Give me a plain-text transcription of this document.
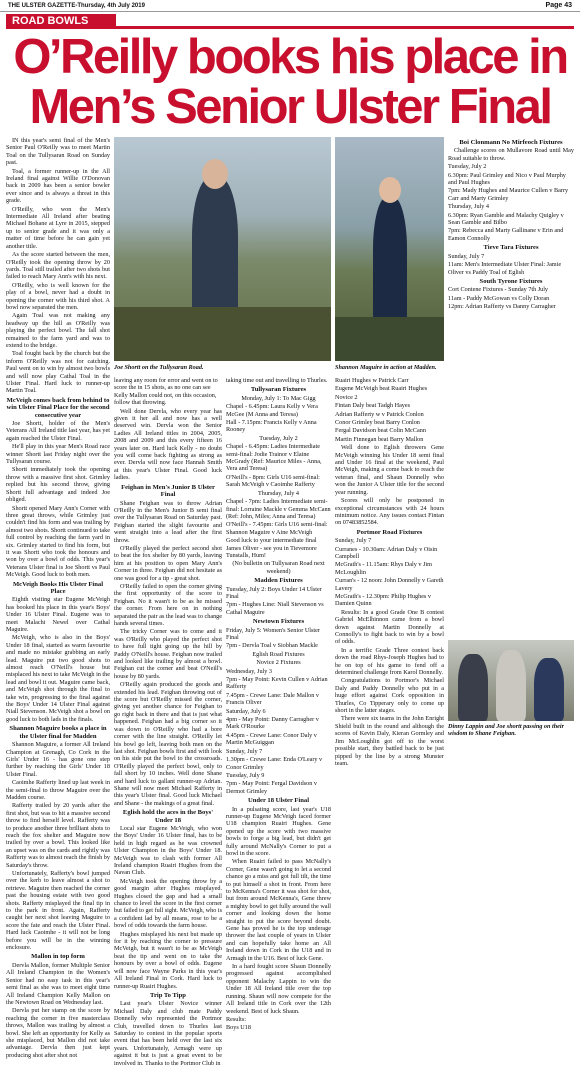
THE ULSTER GAZETTE-Thursday, 4th July 2019	Page 43
ROAD BOWLS
O’Reilly books his place in
Men’s Senior Ulster Final

IN this year's semi final of the Men's Senior Paul O'Reilly was to meet Martin Toal on the Tullysaran Road on Sunday past.

Toal, a former runner-up in the All Ireland final against Willie O'Donovan back in 2009 has been a senior bowler ever since and is always a threat in this grade.

O'Reilly, who won the Men's Intermediate All Ireland after beating Michael Bohane at Lyre in 2015, stepped up to senior grade and it was only a matter of time before he can gain yet another title.

As the score started between the men, O'Reilly took the opening throw by 20 yards. Toal still trailed after two shots but failed to reach Mary Ann's with his next.

O'Reilly, who is well known for the play of a bowl, never had a doubt in opening the corner with his third shot. A bowl now separated the men.

Again Toal was not making any headway up the hill as O'Reilly was playing the perfect bowl. The fall shot remained to the farm yard and was to extend to the bridge.

Toal fought back by the church but the inform O'Reilly was not for catching. Paul went on to win by almost two bowls and will now play Cathal Toal in the Ulster Final. Hard luck to runner-up Martin Toal.

McVeigh comes back from behind to win Ulster Final Place for the second consecutive year

Joe Shortt, holder of the Men's Veterans All Ireland title last year, has yet again reached the Ulster Final.

He'll play in this year Men's Road race winner Shortt last Friday night over the Tullysaran course.

Shortt immediately took the opening throw with a massive first shot. Grimley replied but his second throw, giving Shortt full advantage and indeed Joe obliged.

Shortt opened Mary Ann's Corner with three great throws, while Grimley just couldn't find his form and was trailing by almost two shots. Shortt continued to take full control by reaching the farm yard in six. Grimley started to find his form, but it was Shortt who took the honours and won by over a bowl of odds. This year's Veterans Ulster final is Joe Shortt vs Paul McVeigh. Good luck to both men.

McVeigh Books His Ulster Final Place

Eighth visiting star Eugene McVeigh has booked his place in this year's Boys' Under 16 Ulster Final. Eugene was to meet Malachi Newel over Cathal Maguire.

McVeigh, who is also in the Boys' Under 18 final, started as warm favourite and made no mistake grabbing an early lead. Maguire put two good shots to almost reach O'Neill's house but misplaced his next to take McVeigh in the lead and bowl it out. Maguire came back, and McVeigh shot through the final to take win, progressing to the final against the Boys' Under 14 Ulster Final against Niall Stevenson. McVeigh shot a bowl on good luck to both lads in the finals.

Shannon Maguire books a place in the Ulster final for Madden

Shannon Maguire, a former All Ireland Champion at Grenagh, Co Cork in the Girls' Under 16 - has gone one step further by reaching the Girls' Under 18 Ulster Final.

Caoimhe Rafferty lined up last week in the semi-final to throw Maguire over the Madden course.

Rafferty trailed by 20 yards after the first shot, but was to hit a massive second throw to find herself level. Rafferty was to produce another three brilliant shots to reach the fox shelter and Maguire now trailed by over a bowl. This looked like an upset was on the cards and rightly was Rafferty was to almost reach the finish by Saturday's throw.

Unfortunately, Rafferty's bowl jumped over the kerb to leave almost a shot to retrieve. Maguire then reached the corner past the housing estate with two good shots. Rafferty misplayed the final tip in to the park in front. Again, Rafferty caught her next shot leaving Maguire to score the fate and reach the Ulster Final. Hard luck Caoimhe - it will not be long before you will be in the winning enclosure.

Mallon in top form

Dervla Mallon, former Multiple Senior All Ireland Champion in the Women's Senior had no easy task in this year's semi final as she was to meet eight time All Ireland Champion Kelly Mallon on the Newtown Road on Wednesday last.

Dervla put her stamp on the score by reaching the corner in five masterclass throws, Mallon was trailing by almost a bowl. She left an opportunity for Kelly as she misplaced, but Mallon did not take advantage. Dervla then just kept producing shot after shot not

Joe Shortt on the Tullysaran Road.	Shannon Maguire in action at Madden.

leaving any room for error and went on to score the in 15 shots, as no one can see Kelly Mallon could not, on this occasion, follow that throwing.

Well done Dervla, who every year has given it her all and now has a well deserved win. Dervla won the Senior Ladies All Ireland titles in 2004, 2005, 2008 and 2009 and this every fifteen 16 years later on. Hard luck Kelly - no doubt you will come back fighting as strong as ever. Dervla will now face Hannah Smith at this year's Ulster Final. Good luck ladies.

Feighan in Men's Junior B Ulster Final

Shane Feighan was to throw Adrian O'Reilly in the Men's Junior B semi final over the Tullysaran Road on Saturday past. Feighan started the slight favourite and went straight into a lead after the first throw.

O'Reilly played the perfect second shot to beat the fox shelter by 80 yards, leaving him at his position to open Mary Ann's Corner in three. Feighan did not hesitate as one was good for a tip - great shot.

O'Reilly failed to open the corner giving the first opportunity of the score to Feighan. No it wasn't to be as he missed the corner. From here on in nothing separated the pair as the lead was to change hands several times.

The tricky Corner was to come and it was O'Reilly who played the perfect shot to have full tight going up the hill by Paddy O'Neill's house. Feighan now trailed and looked like trailing by almost a bowl. Feighan cut the corner and beat O'Neill's house by 80 yards.

O'Reilly again produced the goods and extended his lead. Feighan throwing out of the score but O'Reilly missed the corner, giving yet another chance for Feighan to go right back in there and that is just what happened. Feighan had a big corner so it was down to O'Reilly who had a bore corner with the line straight. O'Reilly let his bowl go left, leaving both men on the last shot. Feighan bowls first and with look on his side put the bowl to the crossroads. O'Reilly played the perfect bowl, only to fall short by 10 inches. Well done Shane and hard luck to gallant runner-up Adrian. Shane will now meet Michael Rafferty in this year's Ulster final. Good luck Michael and Shane - the makings of a great final.

Eglish hold the aces in the Boys' Under 18

Local star Eugene McVeigh, who won the Boys' Under 16 Ulster final, has to be held in high regard as he was crowned Ulster Champion in the Boys' Under 18. McVeigh was to clash with former All Ireland champion Ruairi Hughes from the Navan Club.

McVeigh took the opening throw by a good margin after Hughes misplayed. Hughes closed the gap and had a small chance to level the score in the first corner but failed to get full sight. McVeigh, who is a confident lad by all means, rose to be a bowl of odds towards the farm house.

Hughes misplayed his next but made up for it by reaching the corner to pressure McVeigh, but it wasn't to be as McVeigh beat the tip and went on to take the honours by over a bowl of odds. Eugene will now face Wayne Parks in this year's All Ireland Final in Cork. Hard luck to runner-up Ruairi Hughes.

Trip To Tipp

Last year's Ulster Novice winner Michael Daly and club mate Paddy Donnelly who represented the Portmor Club, travelled down to Thurles last Saturday to contest in the popular sports event that has been held over the last six years. Unfortunately, Armagh were up against it but is just a great event to be involved in. Thanks to the Portmor Club in

taking time out and travelling to Thurles.

Tullysaran Fixtures

Monday, July 1: To Mac Gigg

Chapel - 6.45pm: Laura Kelly v Vera McGee (M Anna and Teresa)

Hall - 7.15pm: Francis Kelly v Anna Rooney

Tuesday, July 2

Chapel - 6.45pm: Ladies Intermediate semi-final: Jodie Trainor v Elaine McGrady (Ref: Maurice Miles - Anna, Vera and Teresa)

O'Neill's - 8pm: Girls U16 semi-final: Sarah McVeigh v Caoimhe Rafferty

Thursday, July 4

Chapel - 7pm: Ladies Intermediate semi-final: Lorraine Mackle v Gemma McCann (Ref: John, Miles; Anna and Teresa)

O'Neill's - 7.45pm: Girls U16 semi-final: Shannon Maguire v Aine McVeigh

Good luck to your intermediate final James Oliver - see you in Tievemore Tunstalls, Hum!

(No bulletin on Tullysaran Road next weekend)

Madden Fixtures

Tuesday, July 2: Boys Under 14 Ulster Final

7pm - Hughes Line: Niall Stevenson vs Cathal Maguire

Newtown Fixtures

Friday, July 5: Women's Senior Ulster Final

7pm - Dervla Toal v Siobhan Mackle

Eglish Road Fixtures

Novice 2 Fixtures

Wednesday, July 3

7pm - May Point: Kevin Cullen v Adrian Rafferty

7.45pm - Crewe Lane: Dale Mallon v Francis Oliver

Saturday, July 6

4pm - May Point: Danny Carragher v Mark O'Rourke

4.45pm - Crewe Lane: Conor Daly v Martin McGuiggan

Sunday, July 7

1.30pm - Crewe Lane: Enda O'Leary v Conor Grimley

Tuesday, July 9

7pm - May Point: Fergal Davidson v Dermot Grimley

Under 18 Ulster Final

In a pulsating score, last year's U18 runner-up Eugene McVeigh faced former U18 champion Ruairi Hughes. Gene opened up the score with two massive bowls to forge a big lead, but didn't get fully around McNally's Corner to put a bowl in the score.

When Ruairi failed to pass McNally's Corner, Gene wasn't going to let a second chance go a miss and got full tilt, the time to put himself a shot in front. From here to McKenna's Corner it was shot for shot, but from around McKenna's, Gene threw a mighty bowl to get fully around the wall corner and looking down the home straight to put the score beyond doubt. Gene has proved he is the top underage thrower the last couple of years in Ulster and can hopefully take home an All Ireland down in Cork in the U18 and in Armagh in the U16. Best of luck Gene.

In a hard fought score Shaun Donnelly progressed against accomplished opponent Malachy Lappin to win the Under 18 All Ireland title over the top running. Shaun will now compete for the All Ireland title in Cork over the 12th weekend. Best of luck Shaun.

Results:

Boys U18

Ruairi Hughes w Patrick Carr

Eugene McVeigh beat Ruairi Hughes

Novice 2

Fintan Daly beat Tadgh Hayes

Adrian Rafferty w v Patrick Conlon

Conor Grimley beat Barry Conlon

Fergal Davidson beat Colin McCann

Martin Finnegan beat Barry Mallon

Well done to Eglish throwers Gene McVeigh winning his Under 18 semi final and Under 16 final at the weekend, Paul McVeigh, making a come back to reach the veteran final, and Shaun Donnelly who won the Junior A Ulster title for the second year running.

Scores will only be postponed in exceptional circumstances with 24 hours minimum notice. Any issues contact Fintan on 07483852584.

Portmor Road Fixtures

Sunday, July 7

Curranes - 10.30am: Adrian Daly v Oisin Campbell

McGrath's - 11.15am: Rhys Daly v Jim McLoughlin

Curran's - 12 noon: John Donnelly v Gareth Lavery

McGrath's - 12.30pm: Philip Hughes v Damien Quinn

Results: In a good Grade One B contest Gabriel McElhinnon came from a bowl down against Martin Donnelly at Connolly's to fight back to win by a bowl of odds.

In a terrific Grade Three contest back down the road Rhys-Joseph Hughes had to be on top of his game to fend off a determined challenge from Karol Donnelly.

Congratulations to Portmor's Michael Daly and Paddy Donnelly who put in a huge effort against Cork opposition in Thurles, Co Tipperary only to come up short in the latter stages.

There were six teams in the John Enright Shield built in the round and although the scores of Kevin Daly, Kieran Gormley and Jim McLoughlin got off to the worst possible start, they battled back to be just pipped by the line by a strong Munster team.

Boi Clonmann No Mirfeoch Fixtures

Challenge scores on Mullavore Road until May Road suitable to throw.

Tuesday, July 2

6.30pm: Paul Grimley and Nico v Paul Murphy and Paul Hughes

7pm: Mady Hughes and Maurice Cullen v Barry Carr and Marty Grimley

Thursday, July 4

6.30pm: Ryan Gamble and Malachy Quigley v Sean Gamble and Bilbo

7pm: Rebecca and Marty Gallinane v Erin and Eamon Connolly

Tieve Tara Fixtures

Sunday, July 7

11am: Men's Intermediate Ulster Final: Jamie Oliver vs Paddy Toal of Eglish

South Tyrone Fixtures

Cort Contene Fixtures - Sunday 7th July

11am - Paddy McGowan vs Colly Doran

12pm: Adrian Rafferty vs Danny Carragher

Dinny Lappin and Joe shortt passing on their wisdom to Shane Feighan.
